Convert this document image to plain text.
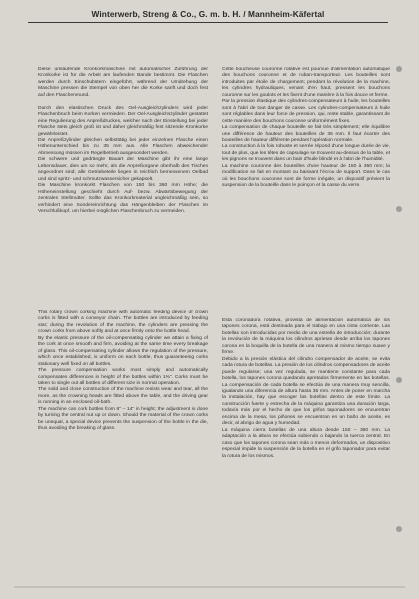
Winterwerb, Streng & Co., G. m. b. H. / Mannheim-Käfertal

Diese umlaufende Kronkorkmaschine mit automatischer Zuführung der Kronkorke ist für die Arbeit am laufenden Bande bestimmt. Die Flaschen werden durch Einschubstern eingeführt, während der Umdrehung der Maschine pressen die Stempel von oben her die Korke sanft und doch fest auf den Flaschenmund.

Durch den elastischen Druck des Oel-Ausgleichzylinders wird jeder Flaschenbruch beim Korken vermieden. Der Oel-Ausgleichszylinder gestattet eine Regulierung des Anpreßdruckes, welcher nach der Einstellung bei jeder Flasche stets gleich groß ist und daher gleichmäßig fest sitzende Kronkorke gewährleistet.

Die Anpreßzylinder gleichen selbsttätig bei jeder einzelnen Flasche einen Höhenunterschied bis zu 35 mm aus. Alle Flaschen abweichender Abmessung müssen im Regelbetrieb ausgesondert werden.

Die schwere und gedrängte Bauart der Maschine gibt ihr eine lange Lebensdauer, dies um so mehr, als die Anpreßorgane oberhalb des Tisches angeordnet sind; alle Getriebeteile liegen in reichlich bemessenem Oelbad und sind spritz- und schmutzwassersicher gekapselt.

Die Maschine kronkorkt Flaschen von 150 bis 360 mm Höhe; die Höheneinstellung geschieht durch Auf- bezw. Abwärtsbewegung der zentralen Stellmutter. Sollte das Kronkorkmaterial ungleichmäßig sein, so verhindert eine Sondereinrichtung das Hängenbleiben der Flaschen im Verschlußkopf, um hierbei möglichen Flaschenbruch zu vermeiden.

Cette boucheuse couronne rotative est pourvue d'alimentation automatique des bouchons couronne et de ruban-transporteur. Les bouteilles sont introduites par étoile de chargement; pendant la révolution de la machine, les cylindres hydrauliques, venant d'en haut, pressent les bouchons couronne sur les goulots et les fixent d'une manière à la fois douce et ferme.

Par la pression élastique des cylindres-compensateurs à huile, les bouteilles sont à l'abri de tout danger de casse. Les cylindres-compensateurs à huile sont réglables dans leur force de pression, qui, reste stable, garantissant de cette manière des bouchons couronne uniformément fixes.

La compensation de chaque bouteille se fait très simplement; elle équilibre une différence de hauteur des bouteilles de 35 mm. Il faut écarter des bouteilles de hauteur différente pendant l'opération normale.

La construction à la fois robuste et serrée répond d'une longue durée de vie, tout de plus, que les têtes de capsulage se trouvent au-dessus de la table, et les pignons se trouvent dans un bain d'huile blindé et à l'abri de l'humidité.

La machine couronne des bouteilles d'une hauteur de 150 à 360 mm; la modification se fait en montant ou baissant l'écrou de support. Dans le cas où les bouchons couronne sont de forme inégale, un dispositif prévient la suspension de la bouteille dans le poinçon et la casse du verre.

This rotary crown corking machine with automatic feeding device of crown corks is fitted with a conveyor chain. The bottles are introduced by feeding star; during the revolution of the machine, the cylinders are pressing the crown corks from above softly and at once firmly onto the bottle head.

By the elastic pressure of the oil-compensating cylinder we attain a fixing of the cork at once smooth and firm, avoiding at the same time every breakage of glass. This oil-compensating cylinder allows the regulation of the pressure, which once established, is uniform on each bottle, thus guaranteeing corks stationary well fixed on all bottles.

The pressure compensation works most simply and automatically compensates differences in height of the bottles within 1⅜". Corks must be taken to single out all bottles of different size in normal operation.

The solid and close construction of the machine resists wear and tear, all the more, as the crowning heads are fitted above the table, and the driving gear is running in an enclosed oil-bath.

The machine can cork bottles from 6" – 14" in height; the adjustment is done by turning the central nut up or down. Should the material of the crown corks be unequal, a special device prevents the suspension of the bottle in the die, thus avoiding the breaking of glass.

Esta coronadora rotativa, provista de alimentación automática de los tapones corona, está destinada para el trabajo en una cinta corriente. Las botellas son introducidas por medio de una estrella de introducción; durante la revolución de la máquina los cilindros aprietan desde arriba los tapones corona en la boquilla de la botella de una manera al mismo tiempo suave y firme.

Debido a la presión elástica del cilindro compensador de aceite, se evita cada rotura de botellas. La presión de los cilindros compensadores de aceite puede regularse; una vez regulada, se mantiene constante para cada botella, los tapones corona quedando apretados firmemente en las botellas. La compensación de cada botella se efectúa de una manera muy sencilla, igualando una diferencia de altura hasta 35 mm. Antes de poner en marcha la instalación, hay que escoger las botellas dentro de este límite. La construcción fuerte y estrecha de la máquina garantiza una duración larga, todavía más por el hecho de que los grifos taponadores se encuentran encima de la mesa; los piñones se encuentran en un baño de aceite, es decir, al abrigo de agua y humedad.

La máquina cierra botellas de una altura desde 150 – 360 mm. La adaptación a la altura se efectúa subiendo o bajando la tuerca central. En caso que los tapones corona sean más o menos deformados, un dispositivo especial impide la suspensión de la botella en el grifo taponador para evitar la rotura de los mismos.
